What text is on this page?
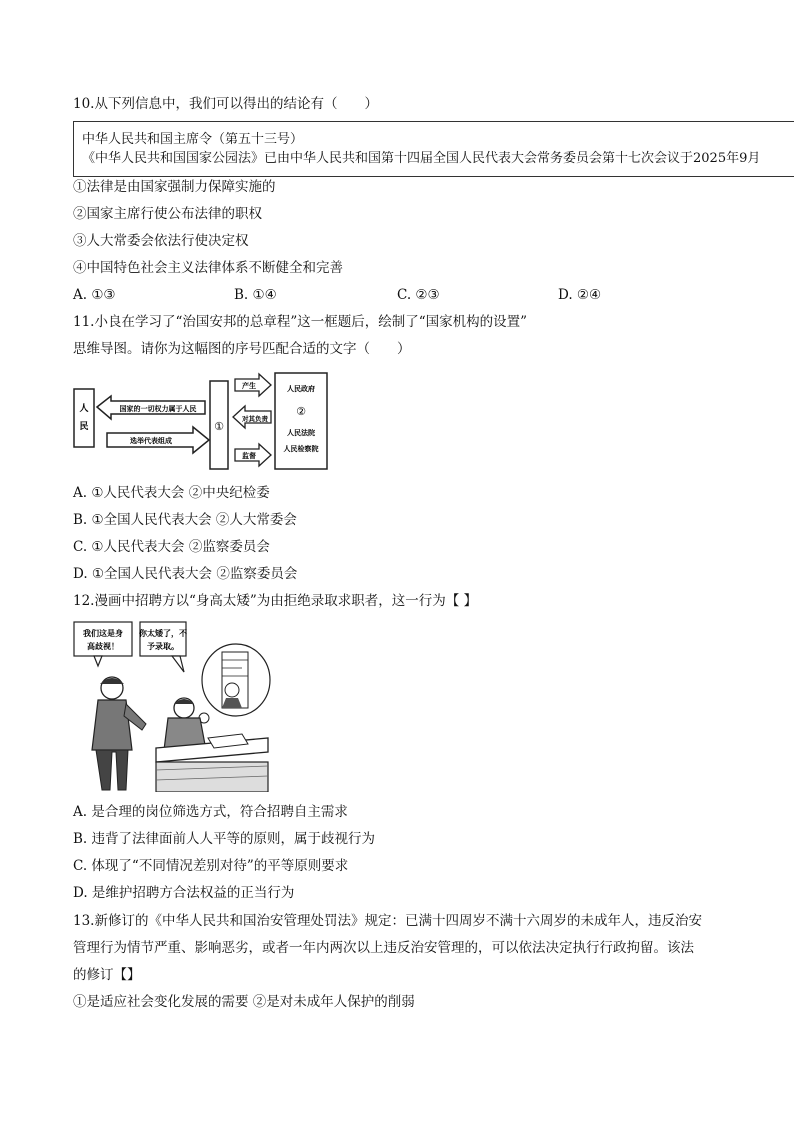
10.从下列信息中，我们可以得出的结论有（　　）
中华人民共和国主席令（第五十三号）
《中华人民共和国国家公园法》已由中华人民共和国第十四届全国人民代表大会常务委员会第十七次会议于2025年9月
①法律是由国家强制力保障实施的
②国家主席行使公布法律的职权
③人大常委会依法行使决定权
④中国特色社会主义法律体系不断健全和完善
A. ①③	B. ①④	C. ②③	D. ②④
11.小良在学习了“治国安邦的总章程”这一框题后，绘制了“国家机构的设置”
思维导图。请你为这幅图的序号匹配合适的文字（　　）
人
民
国家的一切权力属于人民
选举代表组成
①
产生
对其负责
监督
人民政府
②
人民法院
人民检察院
A. ①人民代表大会 ②中央纪检委
B. ①全国人民代表大会 ②人大常委会
C. ①人民代表大会 ②监察委员会
D. ①全国人民代表大会 ②监察委员会
12.漫画中招聘方以“身高太矮”为由拒绝录取求职者，这一行为【 】
我们这是身
高歧视！
你太矮了，不
予录取。
A. 是合理的岗位筛选方式，符合招聘自主需求
B. 违背了法律面前人人平等的原则，属于歧视行为
C. 体现了“不同情况差别对待”的平等原则要求
D. 是维护招聘方合法权益的正当行为
13.新修订的《中华人民共和国治安管理处罚法》规定：已满十四周岁不满十六周岁的未成年人，违反治安
管理行为情节严重、影响恶劣，或者一年内两次以上违反治安管理的，可以依法决定执行行政拘留。该法
的修订【】
①是适应社会变化发展的需要 ②是对未成年人保护的削弱
